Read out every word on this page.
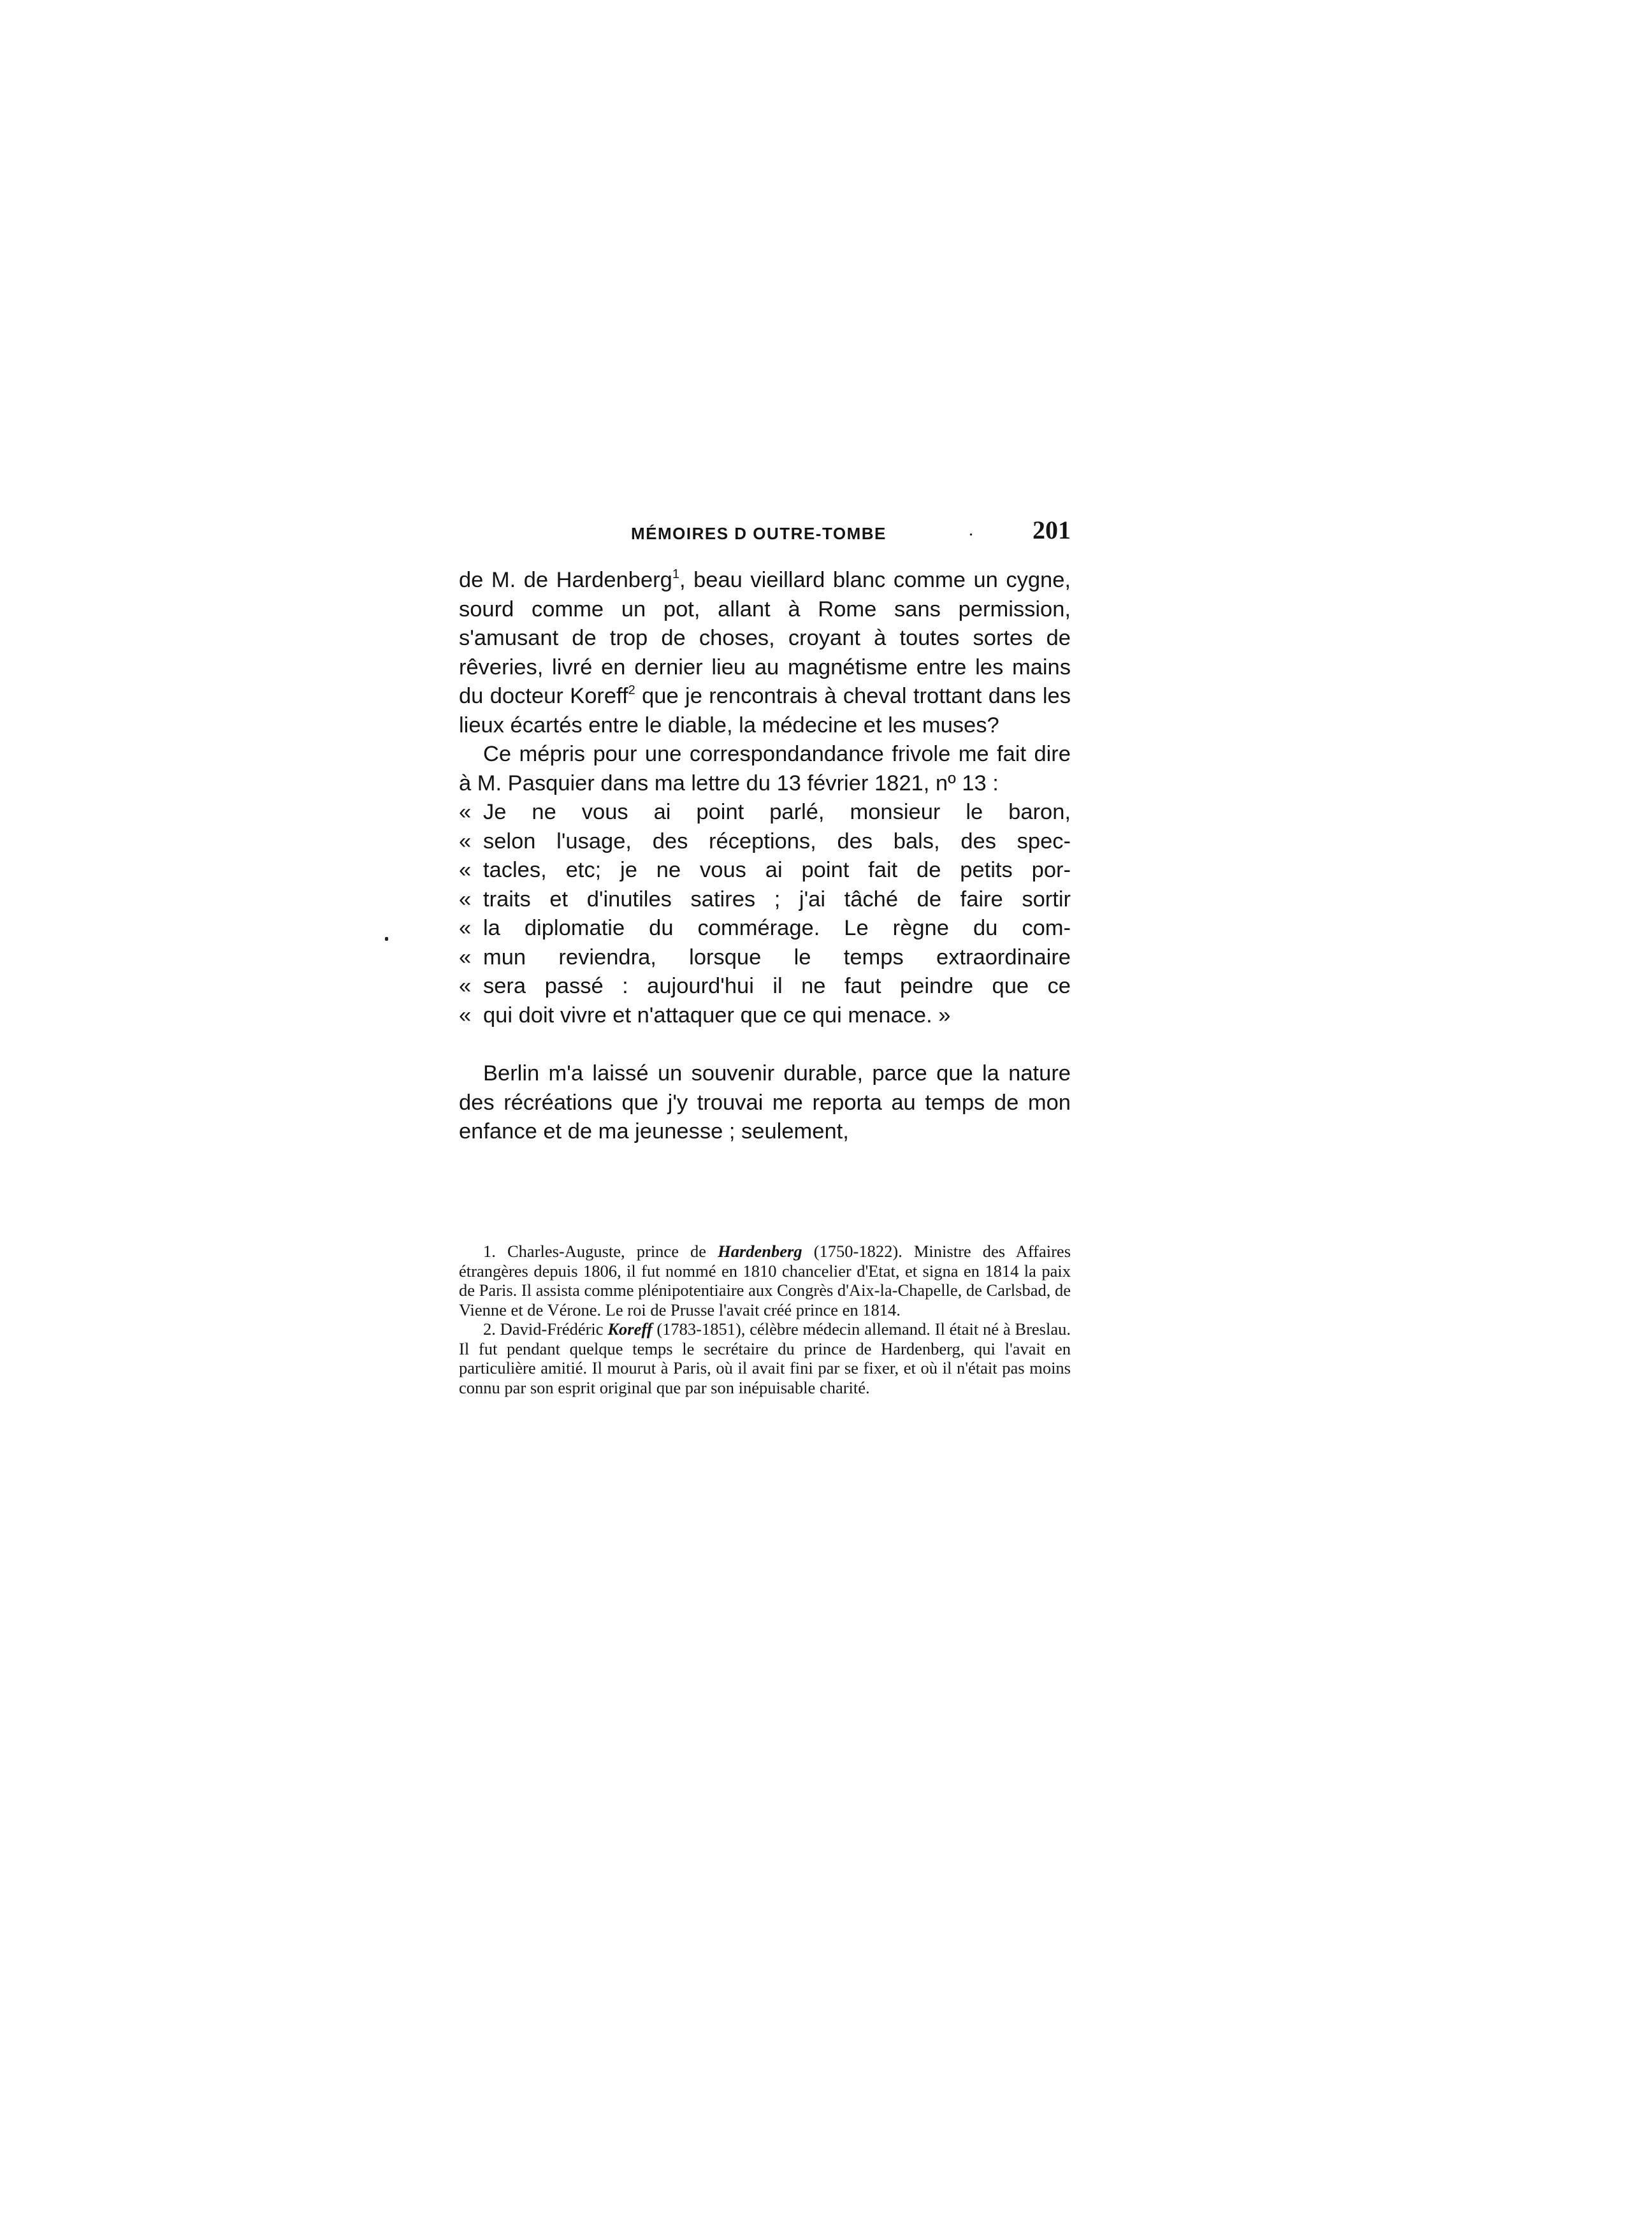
MÉMOIRES D OUTRE-TOMBE	. 201

de M. de Hardenberg$^1$, beau vieillard blanc comme un cygne, sourd comme un pot, allant à Rome sans permission, s'amusant de trop de choses, croyant à toutes sortes de rêveries, livré en dernier lieu au magnétisme entre les mains du docteur Koreff$^2$ que je rencontrais à cheval trottant dans les lieux écartés entre le diable, la médecine et les muses?

Ce mépris pour une correspondandance frivole me fait dire à M. Pasquier dans ma lettre du 13 février 1821, nº 13 :

« Je ne vous ai point parlé, monsieur le baron,
« selon l'usage, des réceptions, des bals, des spec-
« tacles, etc; je ne vous ai point fait de petits por-
« traits et d'inutiles satires ; j'ai tâché de faire sortir
« la diplomatie du commérage. Le règne du com-
« mun reviendra, lorsque le temps extraordinaire
« sera passé : aujourd'hui il ne faut peindre que ce
« qui doit vivre et n'attaquer que ce qui menace. »

Berlin m'a laissé un souvenir durable, parce que la nature des récréations que j'y trouvai me reporta au temps de mon enfance et de ma jeunesse ; seulement,

1. Charles-Auguste, prince de Hardenberg (1750-1822). Ministre des Affaires étrangères depuis 1806, il fut nommé en 1810 chancelier d'Etat, et signa en 1814 la paix de Paris. Il assista comme plénipotentiaire aux Congrès d'Aix-la-Chapelle, de Carlsbad, de Vienne et de Vérone. Le roi de Prusse l'avait créé prince en 1814.

2. David-Frédéric Koreff (1783-1851), célèbre médecin allemand. Il était né à Breslau. Il fut pendant quelque temps le secrétaire du prince de Hardenberg, qui l'avait en particulière amitié. Il mourut à Paris, où il avait fini par se fixer, et où il n'était pas moins connu par son esprit original que par son inépuisable charité.
